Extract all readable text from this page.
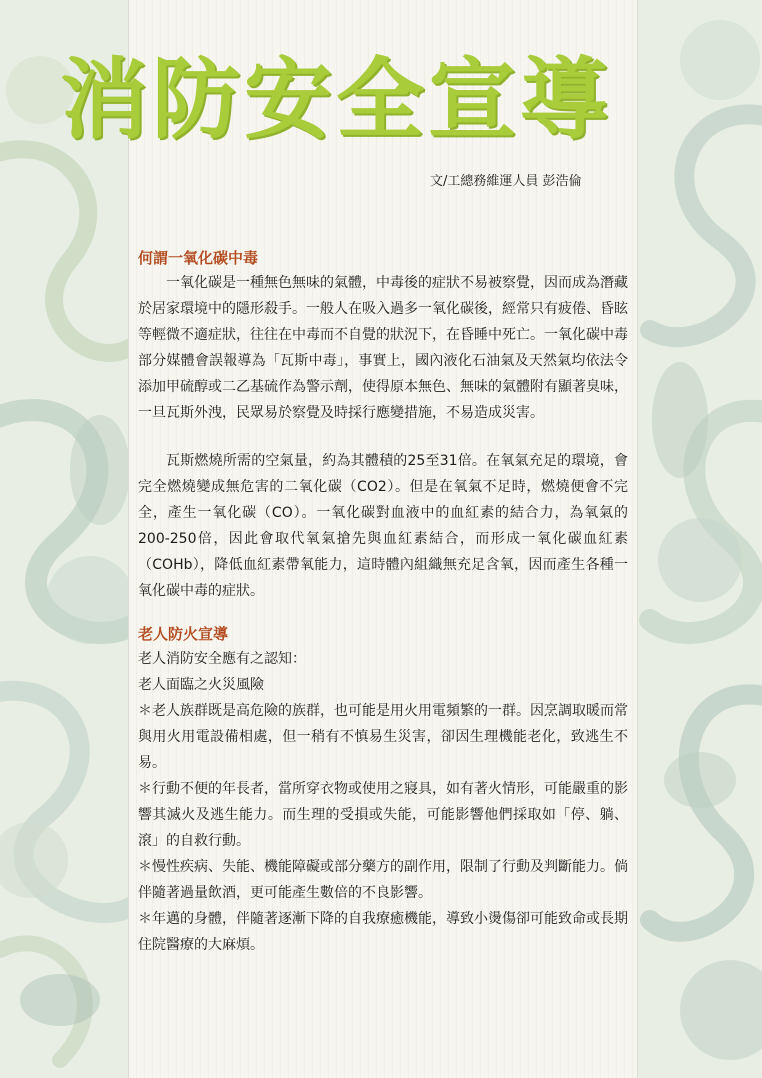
消防安全宣導
文/工總務維運人員 彭浩倫
何謂一氧化碳中毒

一氧化碳是一種無色無味的氣體，中毒後的症狀不易被察覺，因而成為潛藏於居家環境中的隱形殺手。一般人在吸入過多一氧化碳後，經常只有疲倦、昏眩等輕微不適症狀，往往在中毒而不自覺的狀況下，在昏睡中死亡。一氧化碳中毒部分媒體會誤報導為「瓦斯中毒」，事實上，國內液化石油氣及天然氣均依法令添加甲硫醇或二乙基硫作為警示劑，使得原本無色、無味的氣體附有顯著臭味，一旦瓦斯外洩，民眾易於察覺及時採行應變措施，不易造成災害。

瓦斯燃燒所需的空氣量，約為其體積的25至31倍。在氧氣充足的環境，會完全燃燒變成無危害的二氧化碳（CO2）。但是在氧氣不足時，燃燒便會不完全，產生一氧化碳（CO）。一氧化碳對血液中的血紅素的結合力，為氧氣的200-250倍，因此會取代氧氣搶先與血紅素結合，而形成一氧化碳血紅素（COHb），降低血紅素帶氧能力，這時體內組織無充足含氧，因而產生各種一氧化碳中毒的症狀。

老人防火宣導

老人消防安全應有之認知：

老人面臨之火災風險

＊老人族群既是高危險的族群，也可能是用火用電頻繁的一群。因烹調取暖而常與用火用電設備相處，但一稍有不慎易生災害，卻因生理機能老化，致逃生不易。

＊行動不便的年長者，當所穿衣物或使用之寢具，如有著火情形，可能嚴重的影響其滅火及逃生能力。而生理的受損或失能，可能影響他們採取如「停、躺、滾」的自救行動。

＊慢性疾病、失能、機能障礙或部分藥方的副作用，限制了行動及判斷能力。倘伴隨著過量飲酒，更可能產生數倍的不良影響。

＊年邁的身體，伴隨著逐漸下降的自我療癒機能，導致小燙傷卻可能致命或長期住院醫療的大麻煩。
